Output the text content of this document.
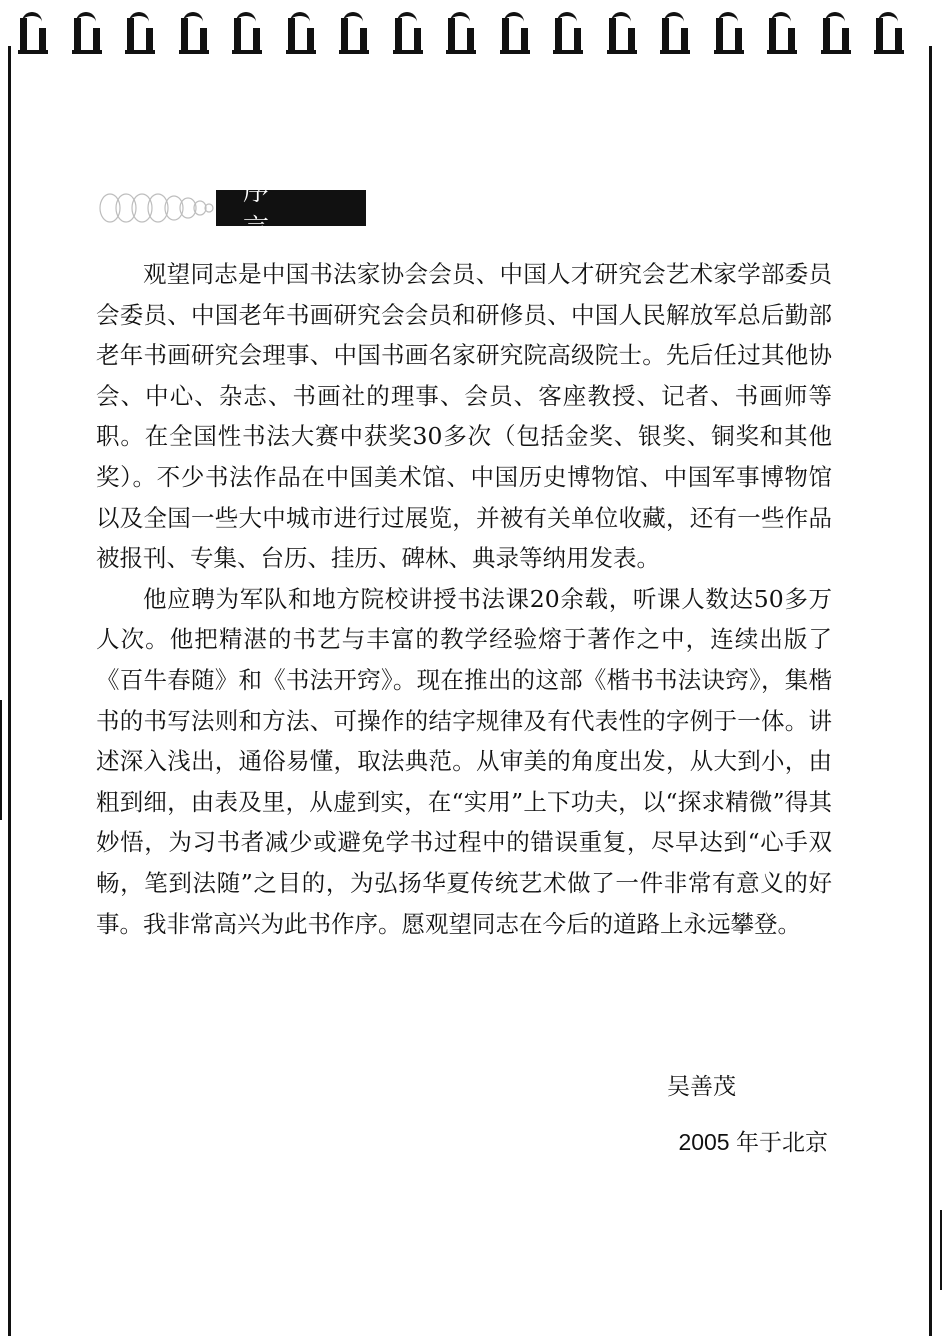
序　言

观望同志是中国书法家协会会员、中国人才研究会艺术家学部委员会委员、中国老年书画研究会会员和研修员、中国人民解放军总后勤部老年书画研究会理事、中国书画名家研究院高级院士。先后任过其他协会、中心、杂志、书画社的理事、会员、客座教授、记者、书画师等职。在全国性书法大赛中获奖30多次（包括金奖、银奖、铜奖和其他奖）。不少书法作品在中国美术馆、中国历史博物馆、中国军事博物馆以及全国一些大中城市进行过展览，并被有关单位收藏，还有一些作品被报刊、专集、台历、挂历、碑林、典录等纳用发表。

他应聘为军队和地方院校讲授书法课20余载，听课人数达50多万人次。他把精湛的书艺与丰富的教学经验熔于著作之中，连续出版了《百牛春随》和《书法开窍》。现在推出的这部《楷书书法诀窍》，集楷书的书写法则和方法、可操作的结字规律及有代表性的字例于一体。讲述深入浅出，通俗易懂，取法典范。从审美的角度出发，从大到小，由粗到细，由表及里，从虚到实，在“实用”上下功夫，以“探求精微”得其妙悟，为习书者减少或避免学书过程中的错误重复，尽早达到“心手双畅，笔到法随”之目的，为弘扬华夏传统艺术做了一件非常有意义的好事。我非常高兴为此书作序。愿观望同志在今后的道路上永远攀登。

吴善茂
2005 年于北京
